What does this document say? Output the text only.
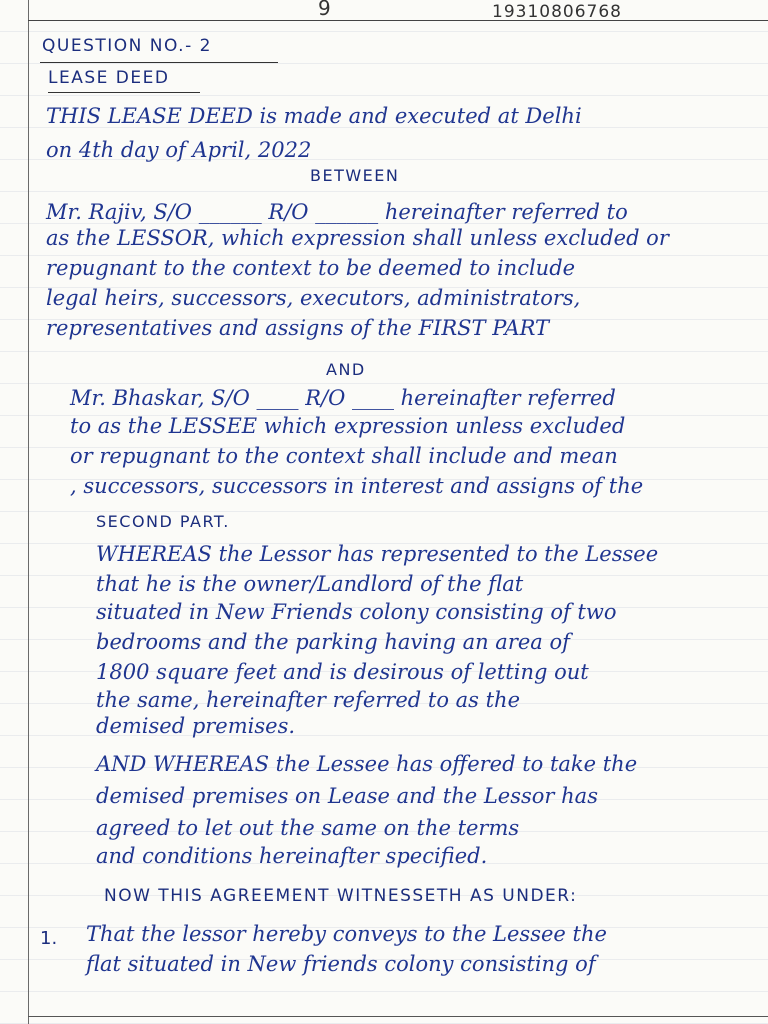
9	19310806768
QUESTION NO.- 2
LEASE DEED
THIS LEASE DEED is made and executed at Delhi
on 4th day of April, 2022
BETWEEN
Mr. Rajiv, S/O ______ R/O ______ hereinafter referred to
as the LESSOR, which expression shall unless excluded or
repugnant to the context to be deemed to include
legal heirs, successors, executors, administrators,
representatives and assigns of the FIRST PART
AND
Mr. Bhaskar, S/O ____ R/O ____ hereinafter referred
to as the LESSEE which expression unless excluded
or repugnant to the context shall include and mean
, successors, successors in interest and assigns of the
SECOND PART.
WHEREAS the Lessor has represented to the Lessee
that he is the owner/Landlord of the flat
situated in New Friends colony consisting of two
bedrooms and the parking having an area of
1800 square feet and is desirous of letting out
the same, hereinafter referred to as the
demised premises.
AND WHEREAS the Lessee has offered to take the
demised premises on Lease and the Lessor has
agreed to let out the same on the terms
and conditions hereinafter specified.
NOW THIS AGREEMENT WITNESSETH AS UNDER:
1. That the lessor hereby conveys to the Lessee the
flat situated in New friends colony consisting of
